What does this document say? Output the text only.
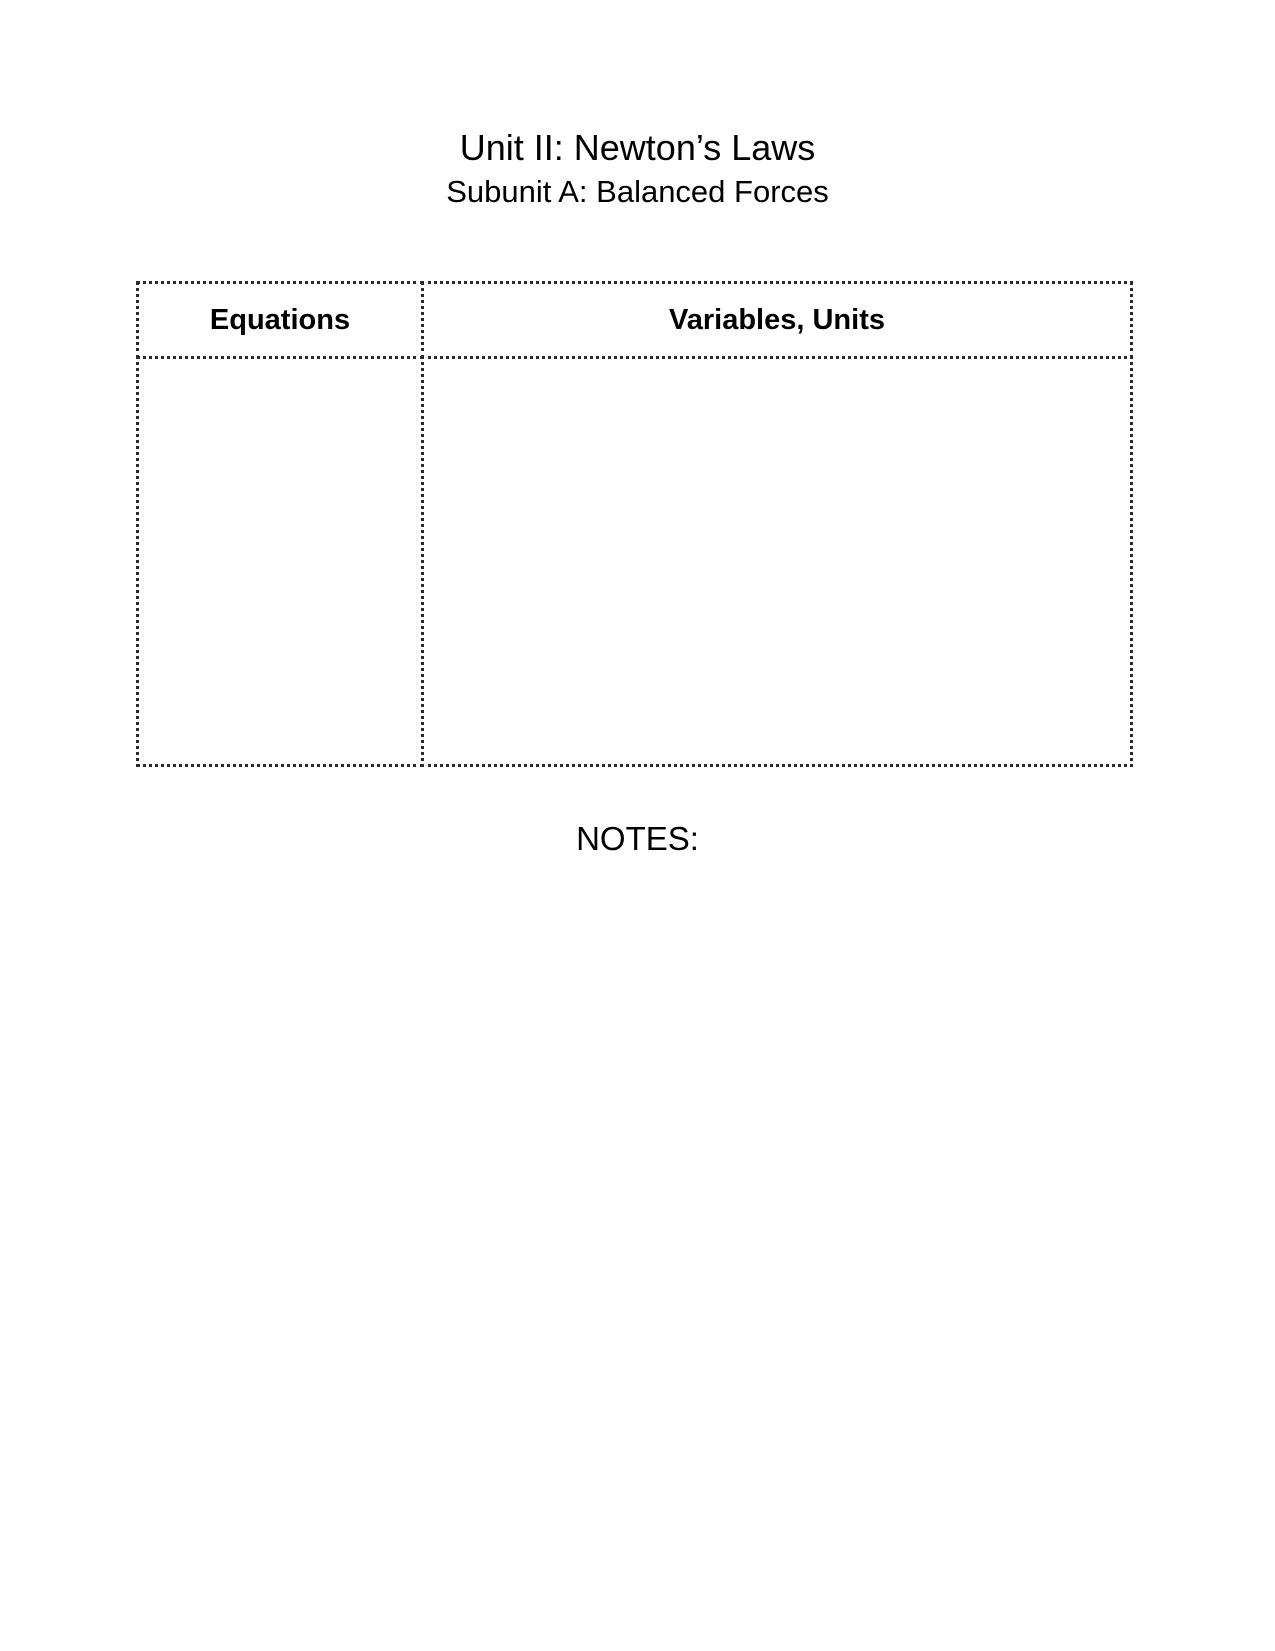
Unit II: Newton’s Laws
Subunit A: Balanced Forces
Equations	Variables, Units
NOTES:
